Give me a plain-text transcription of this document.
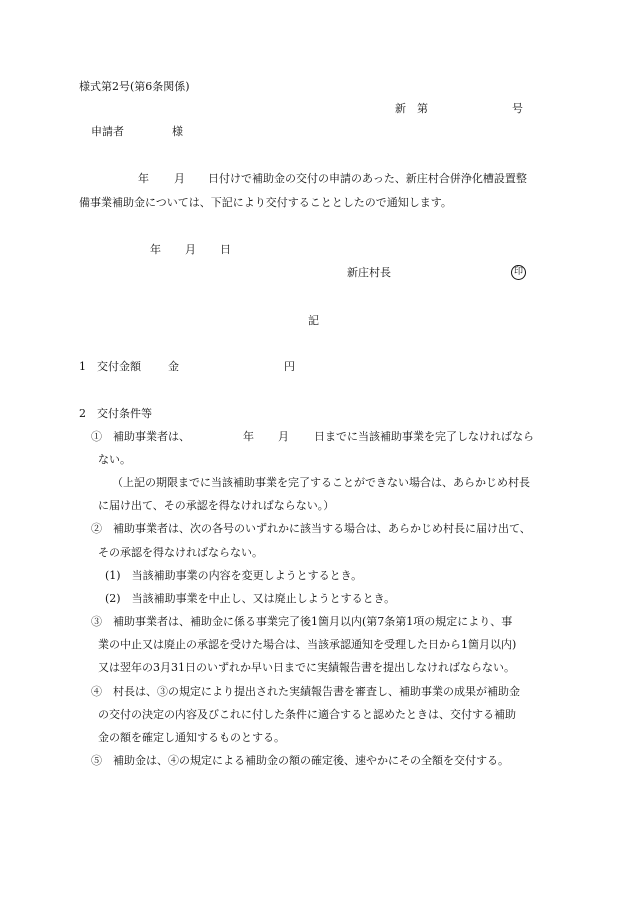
様式第2号(第6条関係)
新　第	号
申請者	様
年 月 日付けで補助金の交付の申請のあった、新庄村合併浄化槽設置整
備事業補助金については、下記により交付することとしたので通知します。
年 月 日
新庄村長	印
記
1　交付金額 金	円
2　交付条件等
①　補助事業者は、	年 月 日までに当該補助事業を完了しなければなら
ない。
（上記の期限までに当該補助事業を完了することができない場合は、あらかじめ村長
に届け出て、その承認を得なければならない。）
②　補助事業者は、次の各号のいずれかに該当する場合は、あらかじめ村長に届け出て、
その承認を得なければならない。
(1)　当該補助事業の内容を変更しようとするとき。
(2)　当該補助事業を中止し、又は廃止しようとするとき。
③　補助事業者は、補助金に係る事業完了後1箇月以内(第7条第1項の規定により、事
業の中止又は廃止の承認を受けた場合は、当該承認通知を受理した日から1箇月以内)
又は翌年の3月31日のいずれか早い日までに実績報告書を提出しなければならない。
④　村長は、③の規定により提出された実績報告書を審査し、補助事業の成果が補助金
の交付の決定の内容及びこれに付した条件に適合すると認めたときは、交付する補助
金の額を確定し通知するものとする。
⑤　補助金は、④の規定による補助金の額の確定後、速やかにその全額を交付する。
